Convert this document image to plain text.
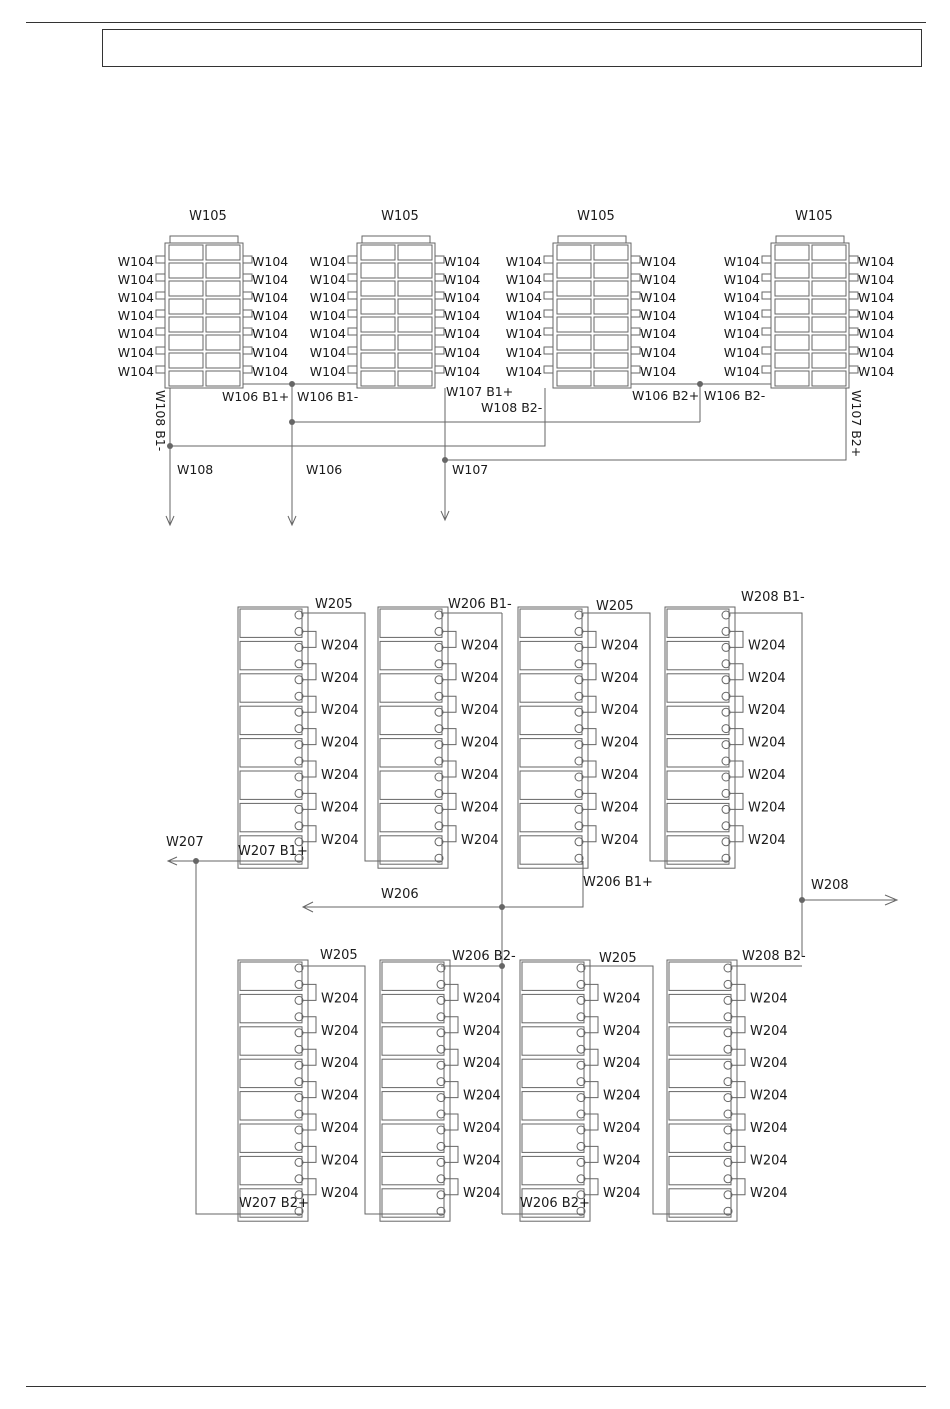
W104	W104
W104	W104
W104	W104
W104	W104
W104	W104
W104	W104
W104	W104
W105
W104	W104
W104	W104
W104	W104
W104	W104
W104	W104
W104	W104
W104	W104
W105
W104	W104
W104	W104
W104	W104
W104	W104
W104	W104
W104	W104
W104	W104
W105
W104	W104
W104	W104
W104	W104
W104	W104
W104	W104
W104	W104
W104	W104
W105
W106 B1+ W106 B1-	W107 B1+
W108 B2-
W106 B2+ W106 B2-
W108 B1-	W107 B2+
W108	W106	W107
W204
W204
W204
W204
W204
W204
W204
W204
W204
W204
W204
W204
W204
W204
W204
W204
W204
W204
W204
W204
W204
W204
W204
W204
W204
W204
W204
W204
W204
W204
W204
W204
W204
W204
W204
W204
W204
W204
W204
W204
W204
W204
W204
W204
W204
W204
W204
W204
W204
W204
W204
W204
W204
W204
W204
W204
W205	W206 B1-	W205
W208 B1-
W207 B1+
W207
W206 B1+
W206
W208
W205	W206 B2-	W205	W208 B2-
W207 B2+	W206 B2+
